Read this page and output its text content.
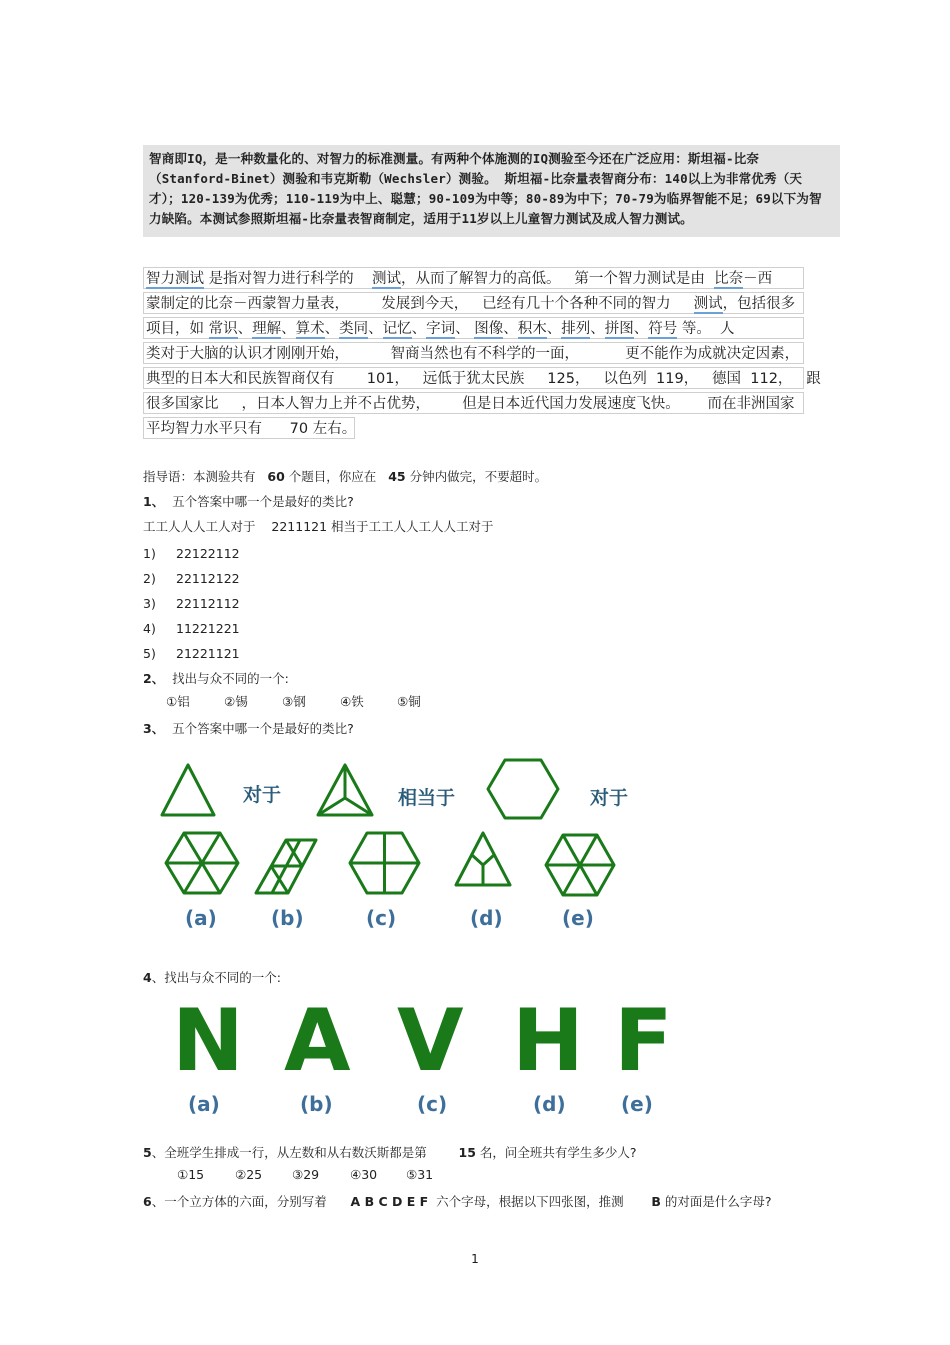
智商即IQ，是一种数量化的、对智力的标准测量。有两种个体施测的IQ测验至今还在广泛应用：斯坦福-比奈

（Stanford-Binet）测验和韦克斯勒（Wechsler）测验。 斯坦福-比奈量表智商分布：140以上为非常优秀（天

才）；120-139为优秀；110-119为中上、聪慧；90-109为中等；80-89为中下；70-79为临界智能不足；69以下为智

力缺陷。本测试参照斯坦福-比奈量表智商制定，适用于11岁以上儿童智力测试及成人智力测试。

智力测试 是指对智力进行科学的    测试，从而了解智力的高低。   第一个智力测试是由  比奈－西
蒙制定的比奈－西蒙智力量表，       发展到今天，   已经有几十个各种不同的智力     测试，包括很多
项目，如 常识、理解、算术、类同、记忆、字词、 图像、积木、排列、拼图、符号 等。  人
类对于大脑的认识才刚刚开始，         智商当然也有不科学的一面，          更不能作为成就决定因素，
典型的日本大和民族智商仅有       101，   远低于犹太民族     125，   以色列  119，   德国  112，   跟
很多国家比     ，日本人智力上并不占优势，       但是日本近代国力发展速度飞快。      而在非洲国家
平均智力水平只有      70 左右。
指导语：本测验共有   60 个题目，你应在   45 分钟内做完，不要超时。
1、  五个答案中哪一个是最好的类比?
工工人人人工人对于    2211121 相当于工工人人工人人工对于
1) 22122112
2) 22112122
3) 22112112
4) 11221221
5) 21221121
2、  找出与众不同的一个:
①铝	②锡	③钢	④铁	⑤铜
3、  五个答案中哪一个是最好的类比?
对于	相当于	对于
(a)	(b)	(c)	(d)	(e)
4、找出与众不同的一个:
N A V H F
(a)	(b)	(c)	(d)	(e)
5、全班学生排成一行，从左数和从右数沃斯都是第        15 名，问全班共有学生多少人?
①15 ②25 ③29 ④30 ⑤31
6、一个立方体的六面，分别写着      A B C D E F  六个字母，根据以下四张图，推测       B 的对面是什么字母?
1
